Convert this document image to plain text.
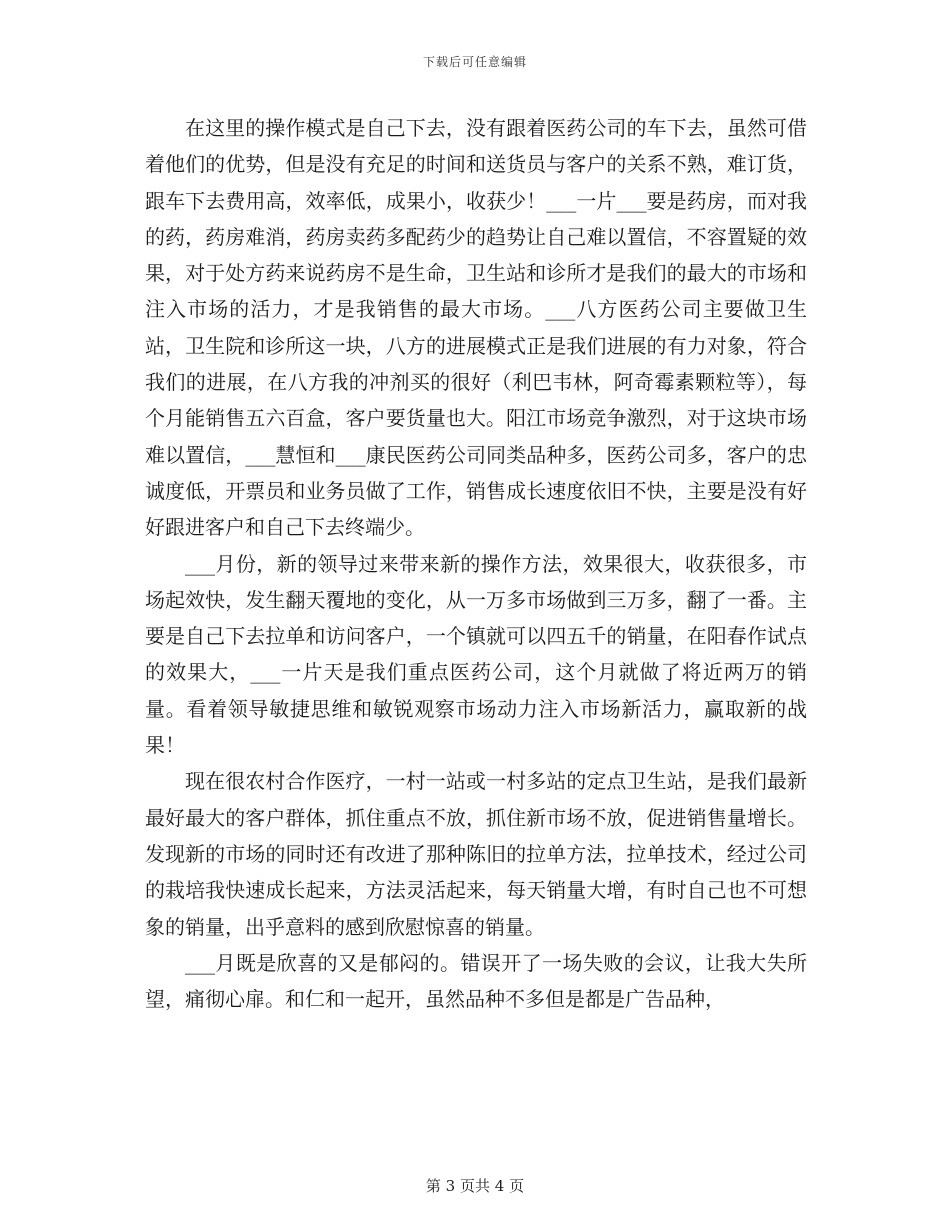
下载后可任意编辑

在这里的操作模式是自己下去，没有跟着医药公司的车下去，虽然可借着他们的优势，但是没有充足的时间和送货员与客户的关系不熟，难订货，跟车下去费用高，效率低，成果小，收获少！___一片___要是药房，而对我的药，药房难消，药房卖药多配药少的趋势让自己难以置信，不容置疑的效果，对于处方药来说药房不是生命，卫生站和诊所才是我们的最大的市场和注入市场的活力，才是我销售的最大市场。___八方医药公司主要做卫生站，卫生院和诊所这一块，八方的进展模式正是我们进展的有力对象，符合我们的进展，在八方我的冲剂买的很好（利巴韦林，阿奇霉素颗粒等），每个月能销售五六百盒，客户要货量也大。阳江市场竞争激烈，对于这块市场难以置信，___慧恒和___康民医药公司同类品种多，医药公司多，客户的忠诚度低，开票员和业务员做了工作，销售成长速度依旧不快，主要是没有好好跟进客户和自己下去终端少。

___月份，新的领导过来带来新的操作方法，效果很大，收获很多，市场起效快，发生翻天覆地的变化，从一万多市场做到三万多，翻了一番。主要是自己下去拉单和访问客户，一个镇就可以四五千的销量，在阳春作试点的效果大，___一片天是我们重点医药公司，这个月就做了将近两万的销量。看着领导敏捷思维和敏锐观察市场动力注入市场新活力，赢取新的战果！

现在很农村合作医疗，一村一站或一村多站的定点卫生站，是我们最新最好最大的客户群体，抓住重点不放，抓住新市场不放，促进销售量增长。发现新的市场的同时还有改进了那种陈旧的拉单方法，拉单技术，经过公司的栽培我快速成长起来，方法灵活起来，每天销量大增，有时自己也不可想象的销量，出乎意料的感到欣慰惊喜的销量。

___月既是欣喜的又是郁闷的。错误开了一场失败的会议，让我大失所望，痛彻心扉。和仁和一起开，虽然品种不多但是都是广告品种，

第 3 页共 4 页
